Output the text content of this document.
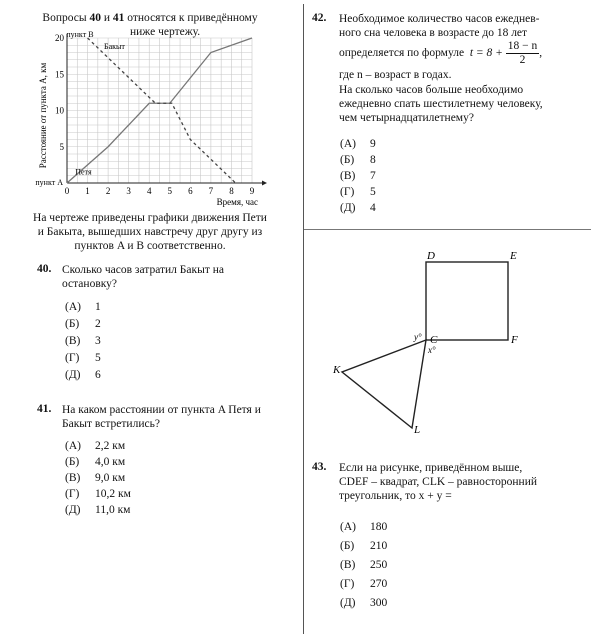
Вопросы 40 и 41 относятся к приведённому
ниже чертежу.
0 1 2 3 4 5 6 7 8 9
5
10
15
20
Время, час
Расстояние от пункта A, км
пункт A
пункт B
Петя
Бакыт
На чертеже приведены графики движения Пети
и Бакыта, вышедших навстречу друг другу из
пунктов A и B соответственно.
40. Сколько часов затратил Бакыт на
остановку?
(А) 1
(Б) 2
(В) 3
(Г) 5
(Д) 6
41. На каком расстоянии от пункта A Петя и
Бакыт встретились?
(А) 2,2 км
(Б) 4,0 км
(В) 9,0 км
(Г) 10,2 км
(Д) 11,0 км
42. Необходимое количество часов ежеднев-
ного сна человека в возрасте до 18 лет
определяется по формуле $t = 8 + \frac{18 - n}{2}$ ,
где n – возраст в годах.
На сколько часов больше необходимо
ежедневно спать шестилетнему человеку,
чем четырнадцатилетнему?
(А) 9
(Б) 8
(В) 7
(Г) 5
(Д) 4
D	E
C	F
K
L
y°
x°
43. Если на рисунке, приведённом выше,
CDEF – квадрат, CLK – равносторонний
треугольник, то x + y =
(А) 180
(Б) 210
(В) 250
(Г) 270
(Д) 300
